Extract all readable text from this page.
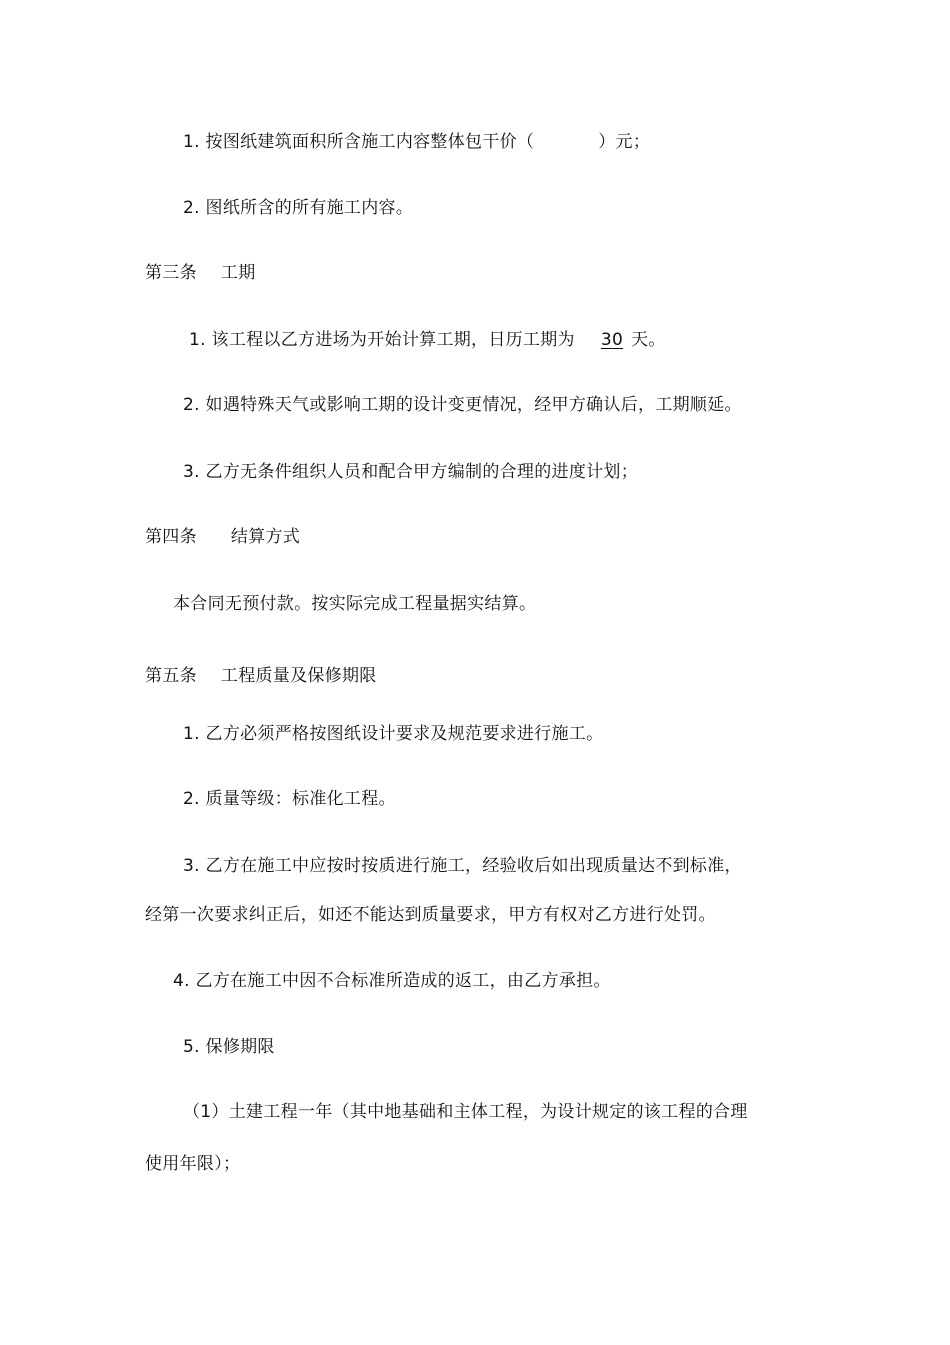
1. 按图纸建筑面积所含施工内容整体包干价（	）元；
2. 图纸所含的所有施工内容。
第三条 工期
1. 该工程以乙方进场为开始计算工期，日历工期为 30 天。
2. 如遇特殊天气或影响工期的设计变更情况，经甲方确认后，工期顺延。
3. 乙方无条件组织人员和配合甲方编制的合理的进度计划；
第四条 结算方式
本合同无预付款。按实际完成工程量据实结算。
第五条 工程质量及保修期限
1. 乙方必须严格按图纸设计要求及规范要求进行施工。
2. 质量等级：标准化工程。
3. 乙方在施工中应按时按质进行施工，经验收后如出现质量达不到标准，
经第一次要求纠正后，如还不能达到质量要求，甲方有权对乙方进行处罚。
4. 乙方在施工中因不合标准所造成的返工，由乙方承担。
5. 保修期限
（1）土建工程一年（其中地基础和主体工程，为设计规定的该工程的合理
使用年限）；
